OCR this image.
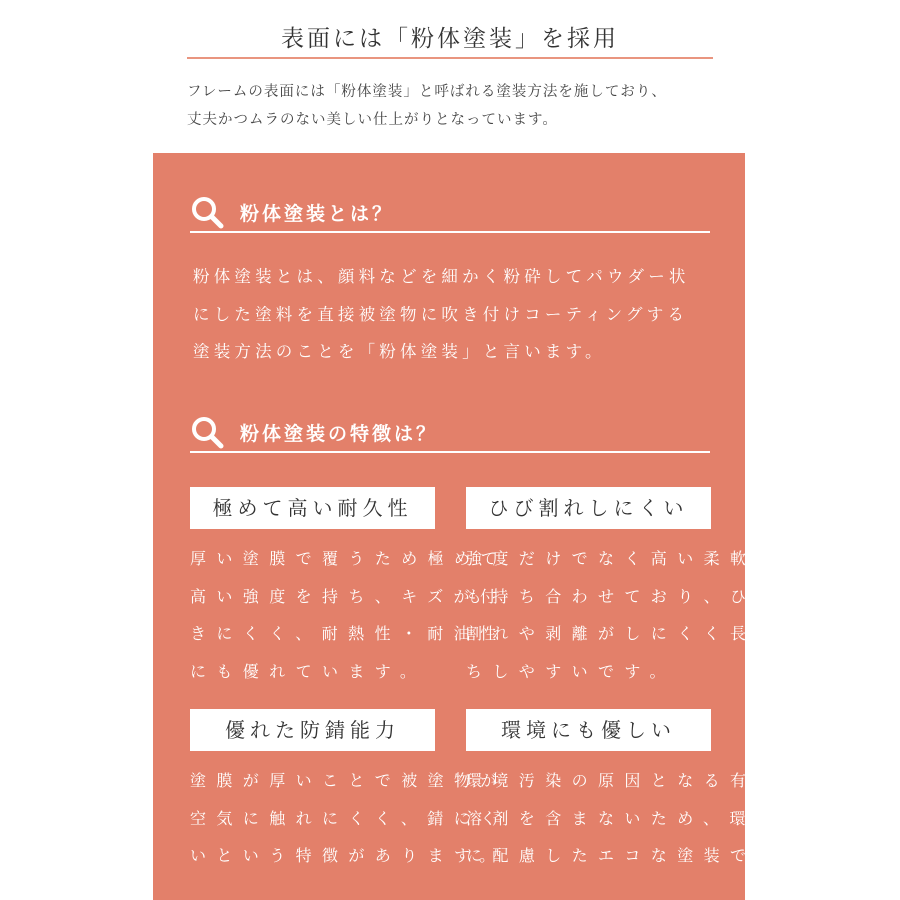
表面には「粉体塗装」を採用
フレームの表面には「粉体塗装」と呼ばれる塗装方法を施しており、
丈夫かつムラのない美しい仕上がりとなっています。
粉体塗装とは？
粉体塗装とは、顔料などを細かく粉砕してパウダー状
にした塗料を直接被塗物に吹き付けコーティングする
塗装方法のことを「粉体塗装」と言います。
粉体塗装の特徴は？
極めて高い耐久性
厚い塗膜で覆うため極めて
高い強度を持ち、キズが付
きにくく、耐熱性・耐油性
にも優れています。
ひび割れしにくい
強度だけでなく高い柔軟性
も持ち合わせており、ひび
割れや剥離がしにくく長持
ちしやすいです。
優れた防錆能力
塗膜が厚いことで被塗物が
空気に触れにくく、錆にく
いという特徴があります。
環境にも優しい
環境汚染の原因となる有機
溶剤を含まないため、環境
に配慮したエコな塗装です。
